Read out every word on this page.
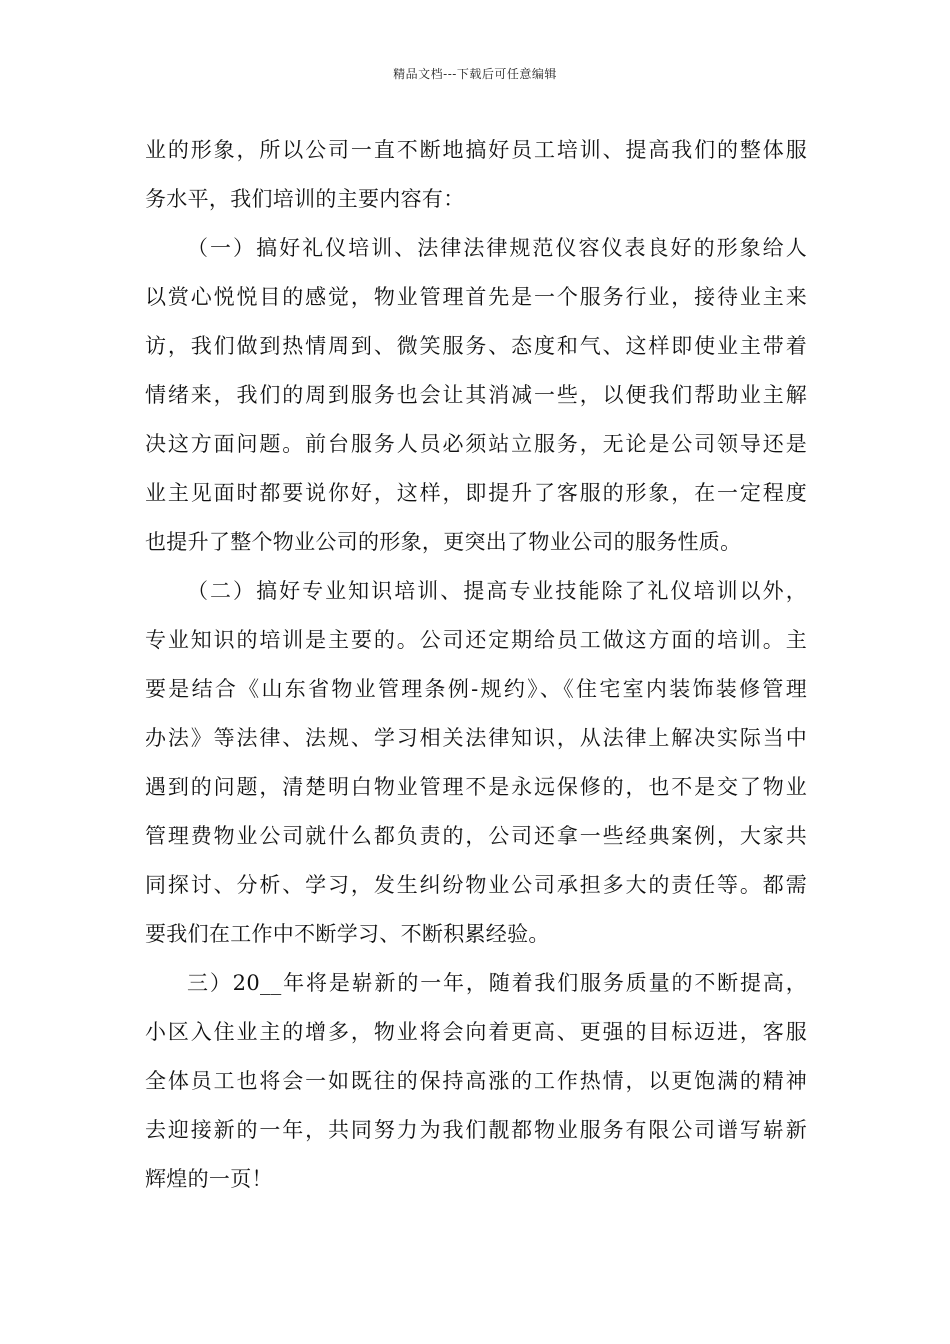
精品文档---下载后可任意编辑
业的形象，所以公司一直不断地搞好员工培训、提高我们的整体服
务水平，我们培训的主要内容有：
（一）搞好礼仪培训、法律法律规范仪容仪表良好的形象给人
以赏心悦悦目的感觉，物业管理首先是一个服务行业，接待业主来
访，我们做到热情周到、微笑服务、态度和气、这样即使业主带着
情绪来，我们的周到服务也会让其消减一些，以便我们帮助业主解
决这方面问题。前台服务人员必须站立服务，无论是公司领导还是
业主见面时都要说你好，这样，即提升了客服的形象，在一定程度
也提升了整个物业公司的形象，更突出了物业公司的服务性质。
（二）搞好专业知识培训、提高专业技能除了礼仪培训以外，
专业知识的培训是主要的。公司还定期给员工做这方面的培训。主
要是结合《山东省物业管理条例-规约》、《住宅室内装饰装修管理
办法》等法律、法规、学习相关法律知识，从法律上解决实际当中
遇到的问题，清楚明白物业管理不是永远保修的，也不是交了物业
管理费物业公司就什么都负责的，公司还拿一些经典案例，大家共
同探讨、分析、学习，发生纠纷物业公司承担多大的责任等。都需
要我们在工作中不断学习、不断积累经验。
三）20__年将是崭新的一年，随着我们服务质量的不断提高，
小区入住业主的增多，物业将会向着更高、更强的目标迈进，客服
全体员工也将会一如既往的保持高涨的工作热情，以更饱满的精神
去迎接新的一年，共同努力为我们靓都物业服务有限公司谱写崭新
辉煌的一页！
